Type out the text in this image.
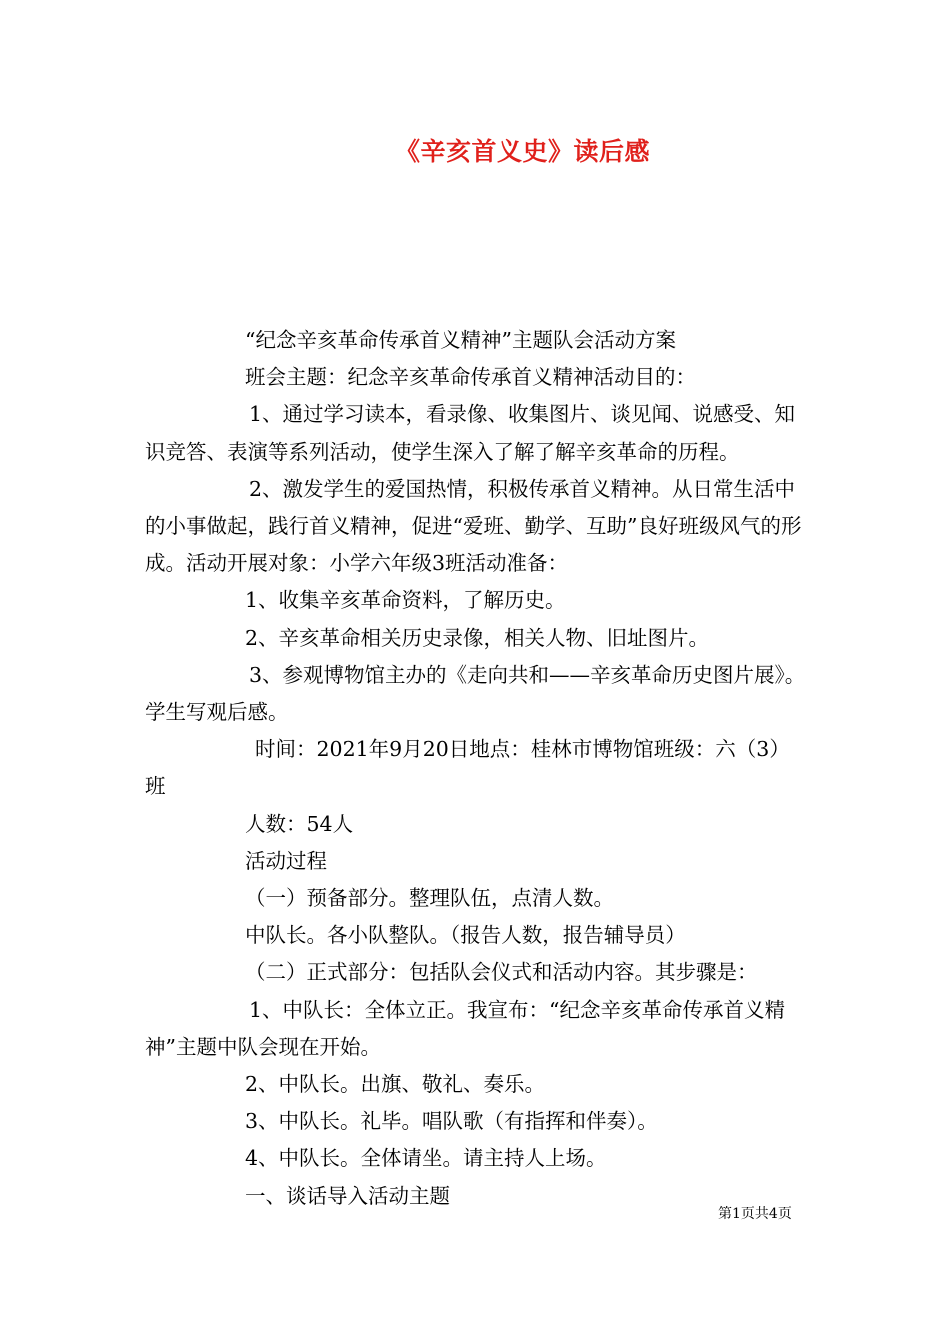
《辛亥首义史》读后感

“纪念辛亥革命传承首义精神”主题队会活动方案

班会主题：纪念辛亥革命传承首义精神活动目的：

1、通过学习读本，看录像、收集图片、谈见闻、说感受、知识竞答、表演等系列活动，使学生深入了解了解辛亥革命的历程。

2、激发学生的爱国热情，积极传承首义精神。从日常生活中的小事做起，践行首义精神，促进“爱班、勤学、互助”良好班级风气的形成。活动开展对象：小学六年级3班活动准备：

1、收集辛亥革命资料，了解历史。

2、辛亥革命相关历史录像，相关人物、旧址图片。

3、参观博物馆主办的《走向共和——辛亥革命历史图片展》。学生写观后感。

时间：2021年9月20日地点：桂林市博物馆班级：六（3）班

人数：54人

活动过程

（一）预备部分。整理队伍，点清人数。

中队长。各小队整队。（报告人数，报告辅导员）

（二）正式部分：包括队会仪式和活动内容。其步骤是：

1、中队长：全体立正。我宣布：“纪念辛亥革命传承首义精神”主题中队会现在开始。

2、中队长。出旗、敬礼、奏乐。

3、中队长。礼毕。唱队歌（有指挥和伴奏）。

4、中队长。全体请坐。请主持人上场。

一、谈话导入活动主题

第1页共4页
